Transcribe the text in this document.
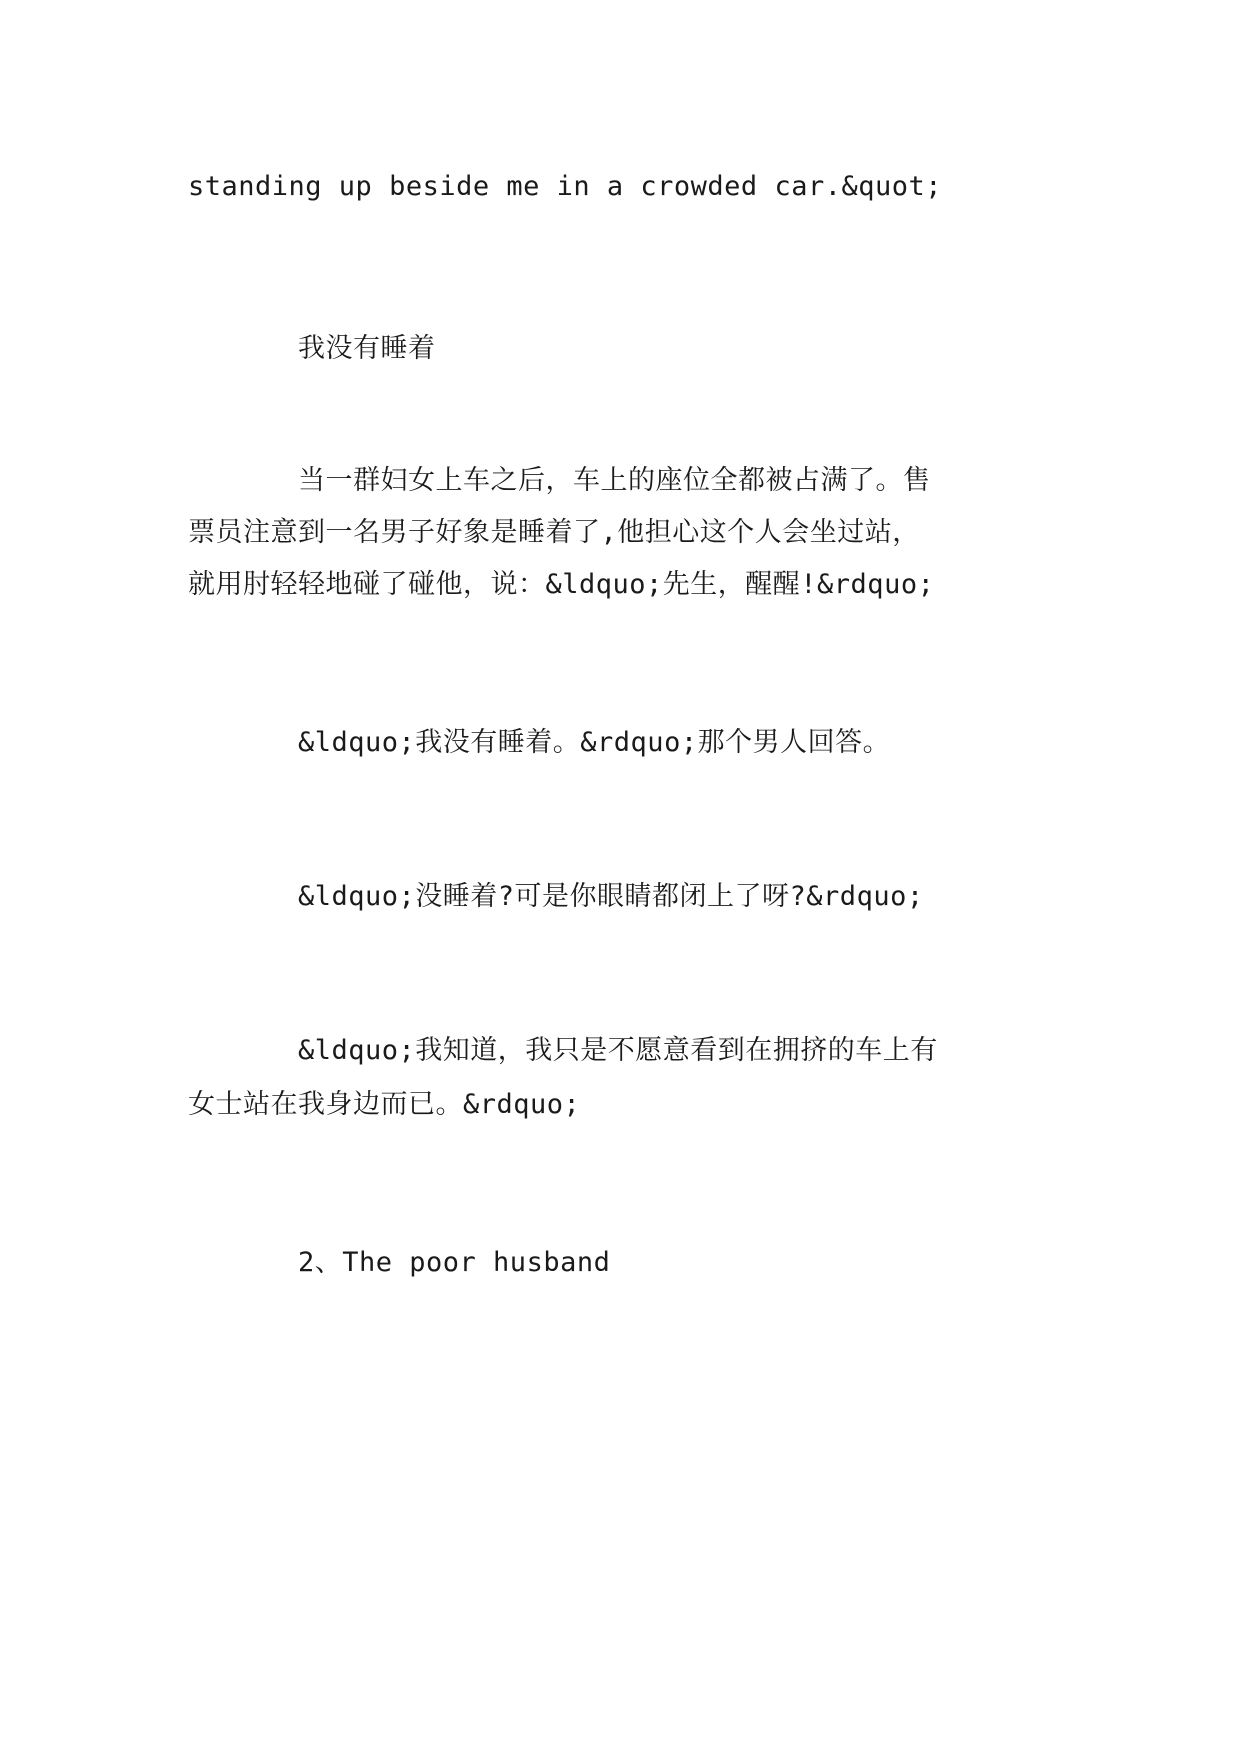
standing up beside me in a crowded car.&quot;
我没有睡着
当一群妇女上车之后，车上的座位全都被占满了。售
票员注意到一名男子好象是睡着了,他担心这个人会坐过站，
就用肘轻轻地碰了碰他，说：&ldquo;先生，醒醒!&rdquo;
&ldquo;我没有睡着。&rdquo;那个男人回答。
&ldquo;没睡着?可是你眼睛都闭上了呀?&rdquo;
&ldquo;我知道，我只是不愿意看到在拥挤的车上有
女士站在我身边而已。&rdquo;
2、The poor husband
